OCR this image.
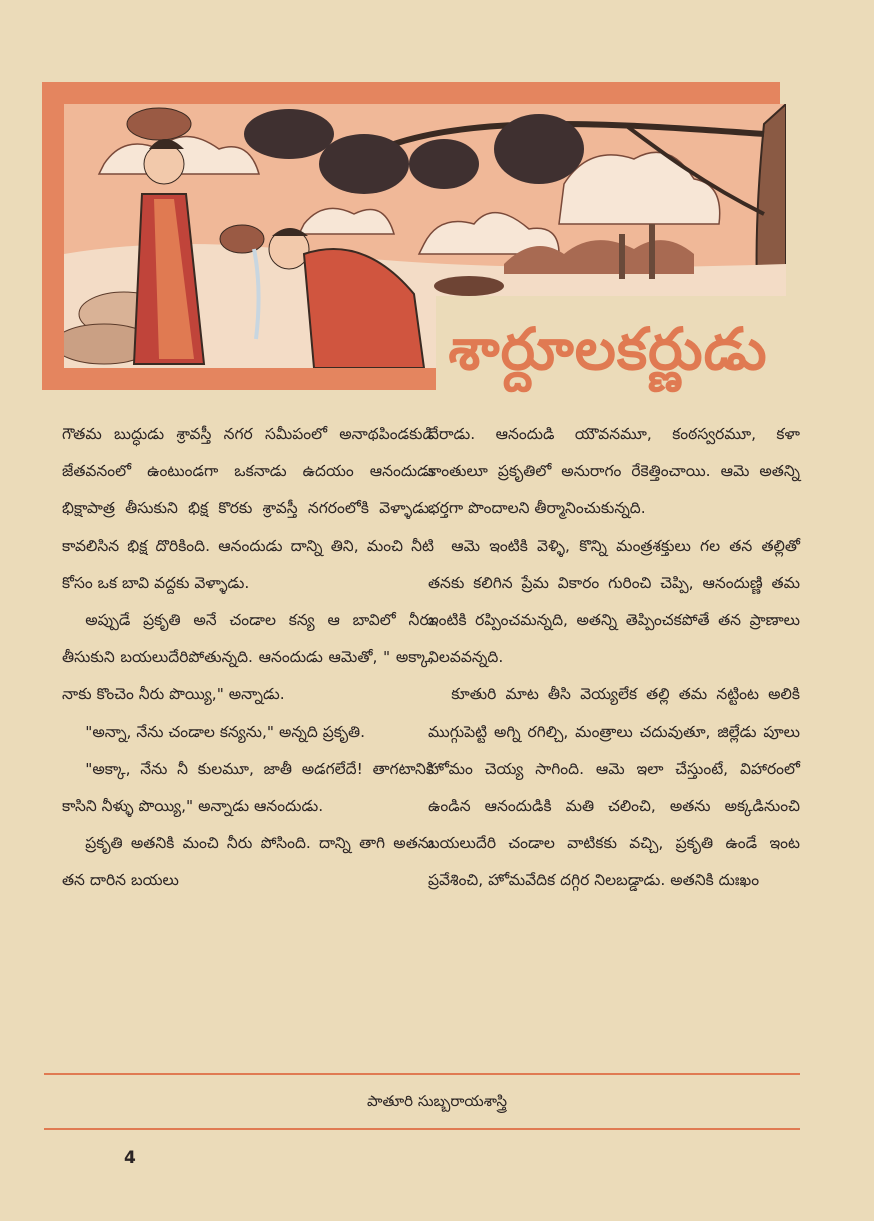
శార్దూలకర్ణుడు

గౌతమ బుద్ధుడు శ్రావస్తీ నగర సమీపంలో అనాథపిండకుడి జేతవనంలో ఉంటుండగా ఒకనాడు ఉదయం ఆనందుడు భిక్షాపాత్ర తీసుకుని భిక్ష కొరకు శ్రావస్తీ నగరంలోకి వెళ్ళాడు. కావలిసిన భిక్ష దొరికింది. ఆనందుడు దాన్ని తిని, మంచి నీటి కోసం ఒక బావి వద్దకు వెళ్ళాడు.

అప్పుడే ప్రకృతి అనే చండాల కన్య ఆ బావిలో నీరు తీసుకుని బయలుదేరిపోతున్నది. ఆనందుడు ఆమెతో, " అక్కా, నాకు కొంచెం నీరు పొయ్యి," అన్నాడు.

"అన్నా, నేను చండాల కన్యను," అన్నది ప్రకృతి.

"అక్కా, నేను నీ కులమూ, జాతీ అడగలేదే! తాగటానికి కాసిని నీళ్ళు పొయ్యి," అన్నాడు ఆనందుడు.

ప్రకృతి అతనికి మంచి నీరు పోసింది. దాన్ని తాగి అతను తన దారిన బయలు

దేరాడు. ఆనందుడి యౌవనమూ, కంఠస్వరమూ, కళా కాంతులూ ప్రకృతిలో అనురాగం రేకెత్తించాయి. ఆమె అతన్ని భర్తగా పొందాలని తీర్మానించుకున్నది.

ఆమె ఇంటికి వెళ్ళి, కొన్ని మంత్రశక్తులు గల తన తల్లితో తనకు కలిగిన ప్రేమ వికారం గురించి చెప్పి, ఆనందుణ్ణి తమ ఇంటికి రప్పించమన్నది, అతన్ని తెప్పించకపోతే తన ప్రాణాలు నిలవవన్నది.

కూతురి మాట తీసి వెయ్యలేక తల్లి తమ నట్టింట అలికి ముగ్గుపెట్టి అగ్ని రగిల్చి, మంత్రాలు చదువుతూ, జిల్లేడు పూలు హోమం చెయ్య సాగింది. ఆమె ఇలా చేస్తుంటే, విహారంలో ఉండిన ఆనందుడికి మతి చలించి, అతను అక్కడినుంచి బయలుదేరి చండాల వాటికకు వచ్చి, ప్రకృతి ఉండే ఇంట ప్రవేశించి, హోమవేదిక దగ్గిర నిలబడ్డాడు. అతనికి దుఃఖం

పాతూరి సుబ్బరాయశాస్త్రి
4
